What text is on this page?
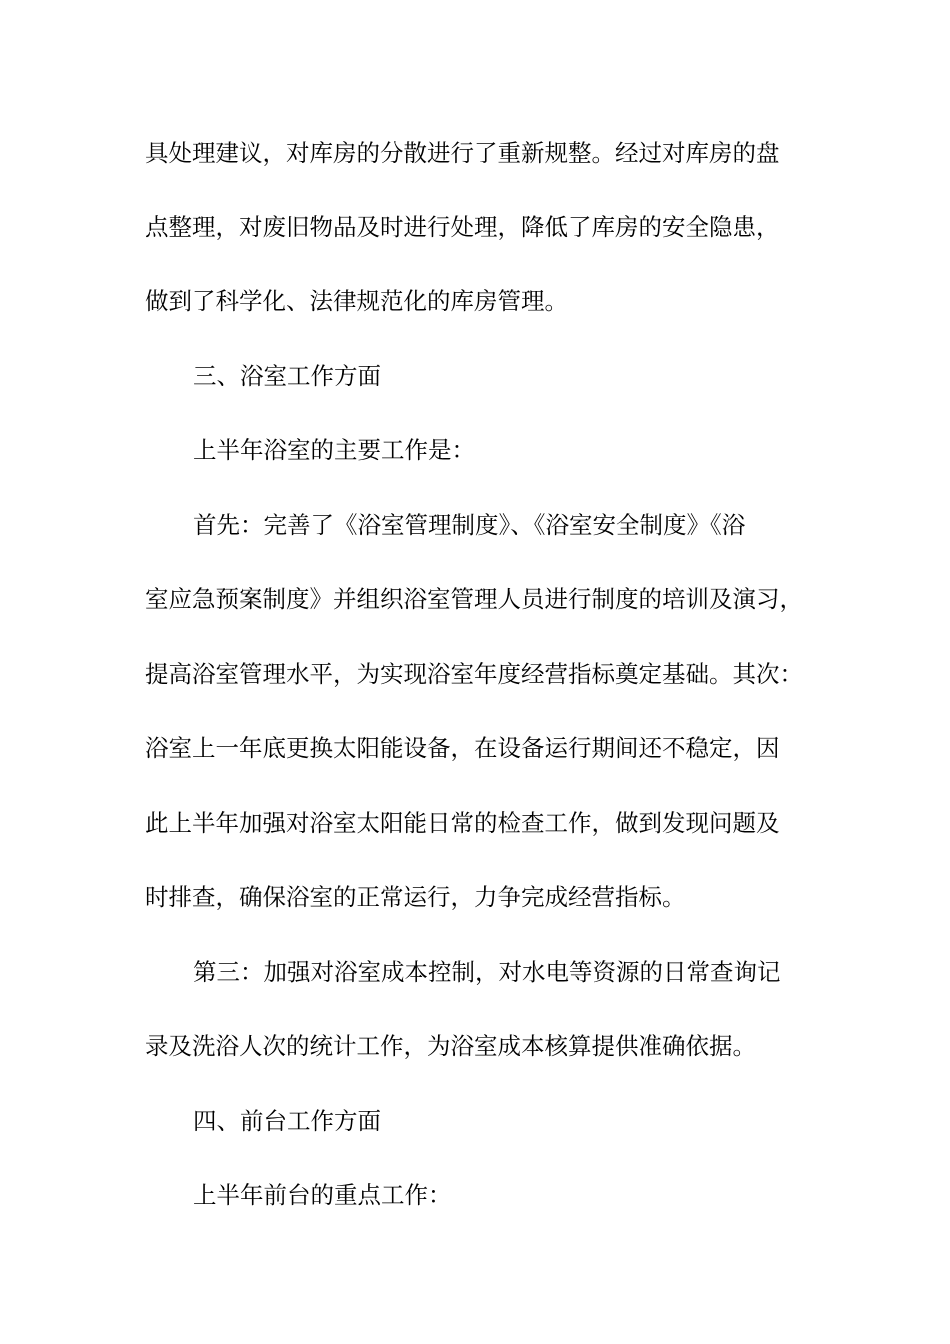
具处理建议，对库房的分散进行了重新规整。经过对库房的盘
点整理，对废旧物品及时进行处理，降低了库房的安全隐患，
做到了科学化、法律规范化的库房管理。
三、浴室工作方面
上半年浴室的主要工作是：
首先：完善了《浴室管理制度》、《浴室安全制度》《浴
室应急预案制度》并组织浴室管理人员进行制度的培训及演习，
提高浴室管理水平，为实现浴室年度经营指标奠定基础。其次：
浴室上一年底更换太阳能设备，在设备运行期间还不稳定，因
此上半年加强对浴室太阳能日常的检查工作，做到发现问题及
时排查，确保浴室的正常运行，力争完成经营指标。
第三：加强对浴室成本控制，对水电等资源的日常查询记
录及洗浴人次的统计工作，为浴室成本核算提供准确依据。
四、前台工作方面
上半年前台的重点工作：
